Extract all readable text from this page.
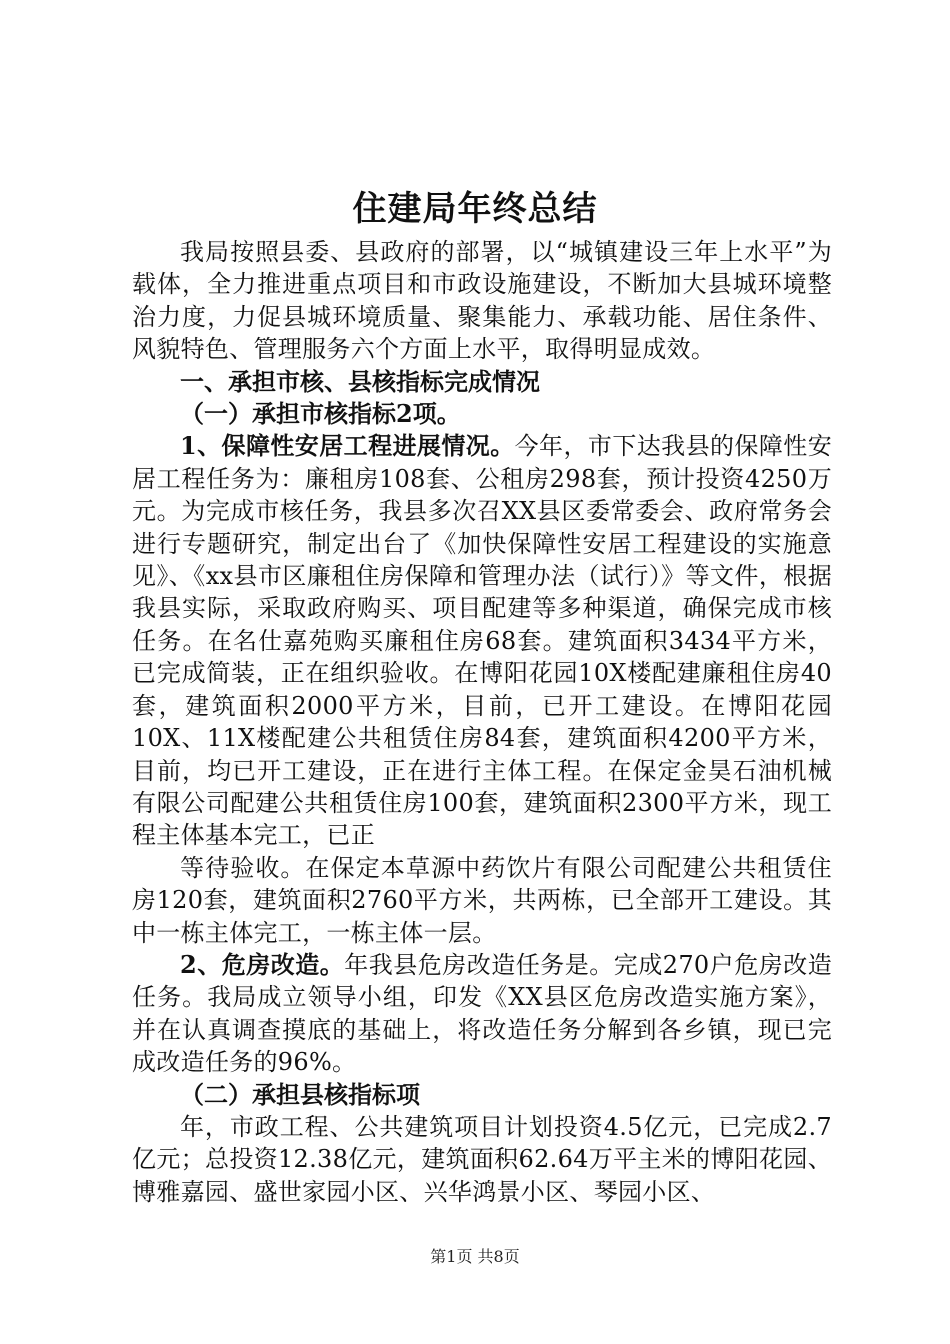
住建局年终总结

我局按照县委、县政府的部署，以“城镇建设三年上水平”为载体，全力推进重点项目和市政设施建设，不断加大县城环境整治力度，力促县城环境质量、聚集能力、承载功能、居住条件、风貌特色、管理服务六个方面上水平，取得明显成效。

一、承担市核、县核指标完成情况

（一）承担市核指标2项。

1、保障性安居工程进展情况。今年，市下达我县的保障性安居工程任务为：廉租房108套、公租房298套，预计投资4250万元。为完成市核任务，我县多次召XX县区委常委会、政府常务会进行专题研究，制定出台了《加快保障性安居工程建设的实施意见》、《xx县市区廉租住房保障和管理办法（试行）》等文件，根据我县实际，采取政府购买、项目配建等多种渠道，确保完成市核任务。在名仕嘉苑购买廉租住房68套。建筑面积3434平方米，已完成简装，正在组织验收。在博阳花园10X楼配建廉租住房40套，建筑面积2000平方米，目前，已开工建设。在博阳花园10X、11X楼配建公共租赁住房84套，建筑面积4200平方米，目前，均已开工建设，正在进行主体工程。在保定金昊石油机械有限公司配建公共租赁住房100套，建筑面积2300平方米，现工程主体基本完工，已正

等待验收。在保定本草源中药饮片有限公司配建公共租赁住房120套，建筑面积2760平方米，共两栋，已全部开工建设。其中一栋主体完工，一栋主体一层。

2、危房改造。年我县危房改造任务是。完成270户危房改造任务。我局成立领导小组，印发《XX县区危房改造实施方案》，并在认真调查摸底的基础上，将改造任务分解到各乡镇，现已完成改造任务的96%。

（二）承担县核指标项

年，市政工程、公共建筑项目计划投资4.5亿元，已完成2.7亿元；总投资12.38亿元，建筑面积62.64万平主米的博阳花园、博雅嘉园、盛世家园小区、兴华鸿景小区、琴园小区、

第1页 共8页
